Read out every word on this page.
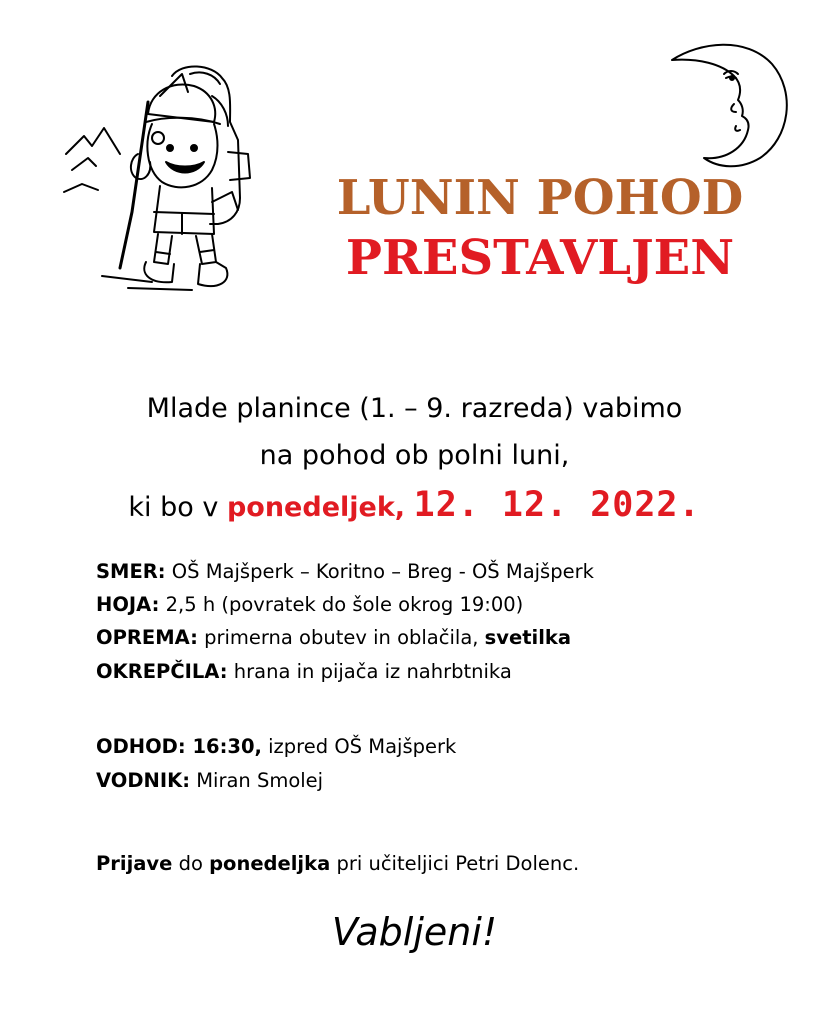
LUNIN POHOD
PRESTAVLJEN
Mlade planince (1. – 9. razreda) vabimo
na pohod ob polni luni,
ki bo v ponedeljek, 12. 12. 2022.
SMER: OŠ Majšperk – Koritno – Breg - OŠ Majšperk
HOJA: 2,5 h (povratek do šole okrog 19:00)
OPREMA: primerna obutev in oblačila, svetilka
OKREPČILA: hrana in pijača iz nahrbtnika
ODHOD: 16:30, izpred OŠ Majšperk
VODNIK: Miran Smolej
Prijave do ponedeljka pri učiteljici Petri Dolenc.
Vabljeni!
